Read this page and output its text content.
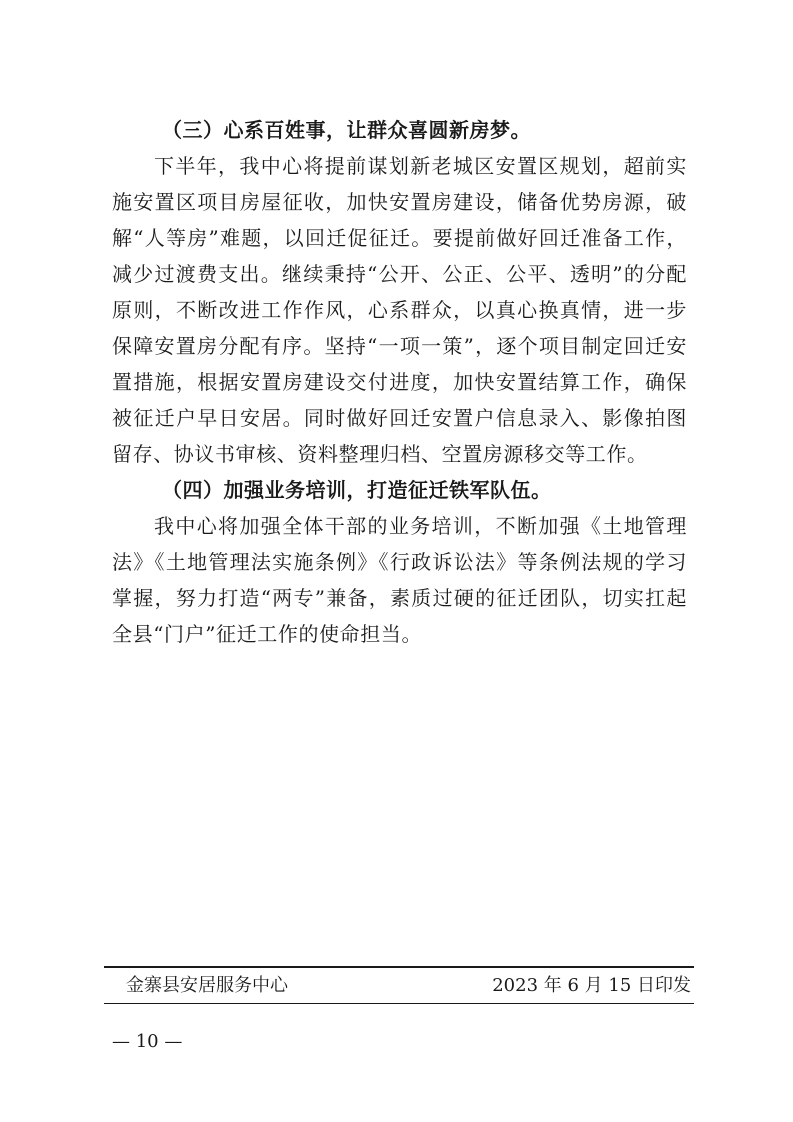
（三）心系百姓事，让群众喜圆新房梦。

下半年，我中心将提前谋划新老城区安置区规划，超前实施安置区项目房屋征收，加快安置房建设，储备优势房源，破解“人等房”难题，以回迁促征迁。要提前做好回迁准备工作，减少过渡费支出。继续秉持“公开、公正、公平、透明”的分配原则，不断改进工作作风，心系群众，以真心换真情，进一步保障安置房分配有序。坚持“一项一策”，逐个项目制定回迁安置措施，根据安置房建设交付进度，加快安置结算工作，确保被征迁户早日安居。同时做好回迁安置户信息录入、影像拍图留存、协议书审核、资料整理归档、空置房源移交等工作。

（四）加强业务培训，打造征迁铁军队伍。

我中心将加强全体干部的业务培训，不断加强《土地管理法》《土地管理法实施条例》《行政诉讼法》等条例法规的学习掌握，努力打造“两专”兼备，素质过硬的征迁团队，切实扛起全县“门户”征迁工作的使命担当。

金寨县安居服务中心	2023 年 6 月 15 日印发
— 10 —
